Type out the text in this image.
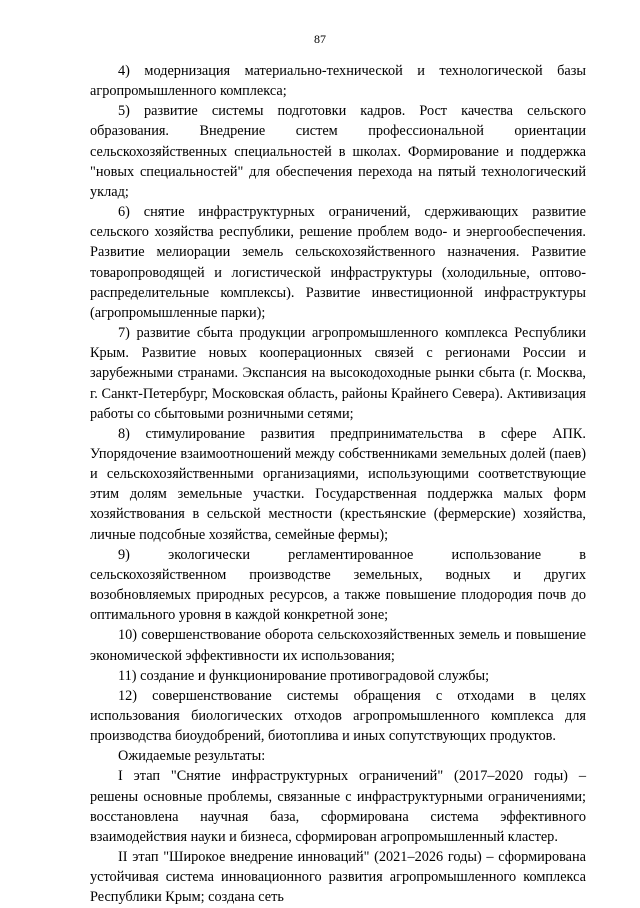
87

4) модернизация материально-технической и технологической базы агропромышленного комплекса;

5) развитие системы подготовки кадров. Рост качества сельского образования. Внедрение систем профессиональной ориентации сельскохозяйственных специальностей в школах. Формирование и поддержка "новых специальностей" для обеспечения перехода на пятый технологический уклад;

6) снятие инфраструктурных ограничений, сдерживающих развитие сельского хозяйства республики, решение проблем водо- и энергообеспечения. Развитие мелиорации земель сельскохозяйственного назначения. Развитие товаропроводящей и логистической инфраструктуры (холодильные, оптово-распределительные комплексы). Развитие инвестиционной инфраструктуры (агропромышленные парки);

7) развитие сбыта продукции агропромышленного комплекса Республики Крым. Развитие новых кооперационных связей с регионами России и зарубежными странами. Экспансия на высокодоходные рынки сбыта (г. Москва, г. Санкт-Петербург, Московская область, районы Крайнего Севера). Активизация работы со сбытовыми розничными сетями;

8) стимулирование развития предпринимательства в сфере АПК. Упорядочение взаимоотношений между собственниками земельных долей (паев) и сельскохозяйственными организациями, использующими соответствующие этим долям земельные участки. Государственная поддержка малых форм хозяйствования в сельской местности (крестьянские (фермерские) хозяйства, личные подсобные хозяйства, семейные фермы);

9) экологически регламентированное использование в сельскохозяйственном производстве земельных, водных и других возобновляемых природных ресурсов, а также повышение плодородия почв до оптимального уровня в каждой конкретной зоне;

10) совершенствование оборота сельскохозяйственных земель и повышение экономической эффективности их использования;

11) создание и функционирование противоградовой службы;

12) совершенствование системы обращения с отходами в целях использования биологических отходов агропромышленного комплекса для производства биоудобрений, биотоплива и иных сопутствующих продуктов.

Ожидаемые результаты:

I этап "Снятие инфраструктурных ограничений" (2017–2020 годы) – решены основные проблемы, связанные с инфраструктурными ограничениями; восстановлена научная база, сформирована система эффективного взаимодействия науки и бизнеса, сформирован агропромышленный кластер.

II этап "Широкое внедрение инноваций" (2021–2026 годы) – сформирована устойчивая система инновационного развития агропромышленного комплекса Республики Крым; создана сеть
